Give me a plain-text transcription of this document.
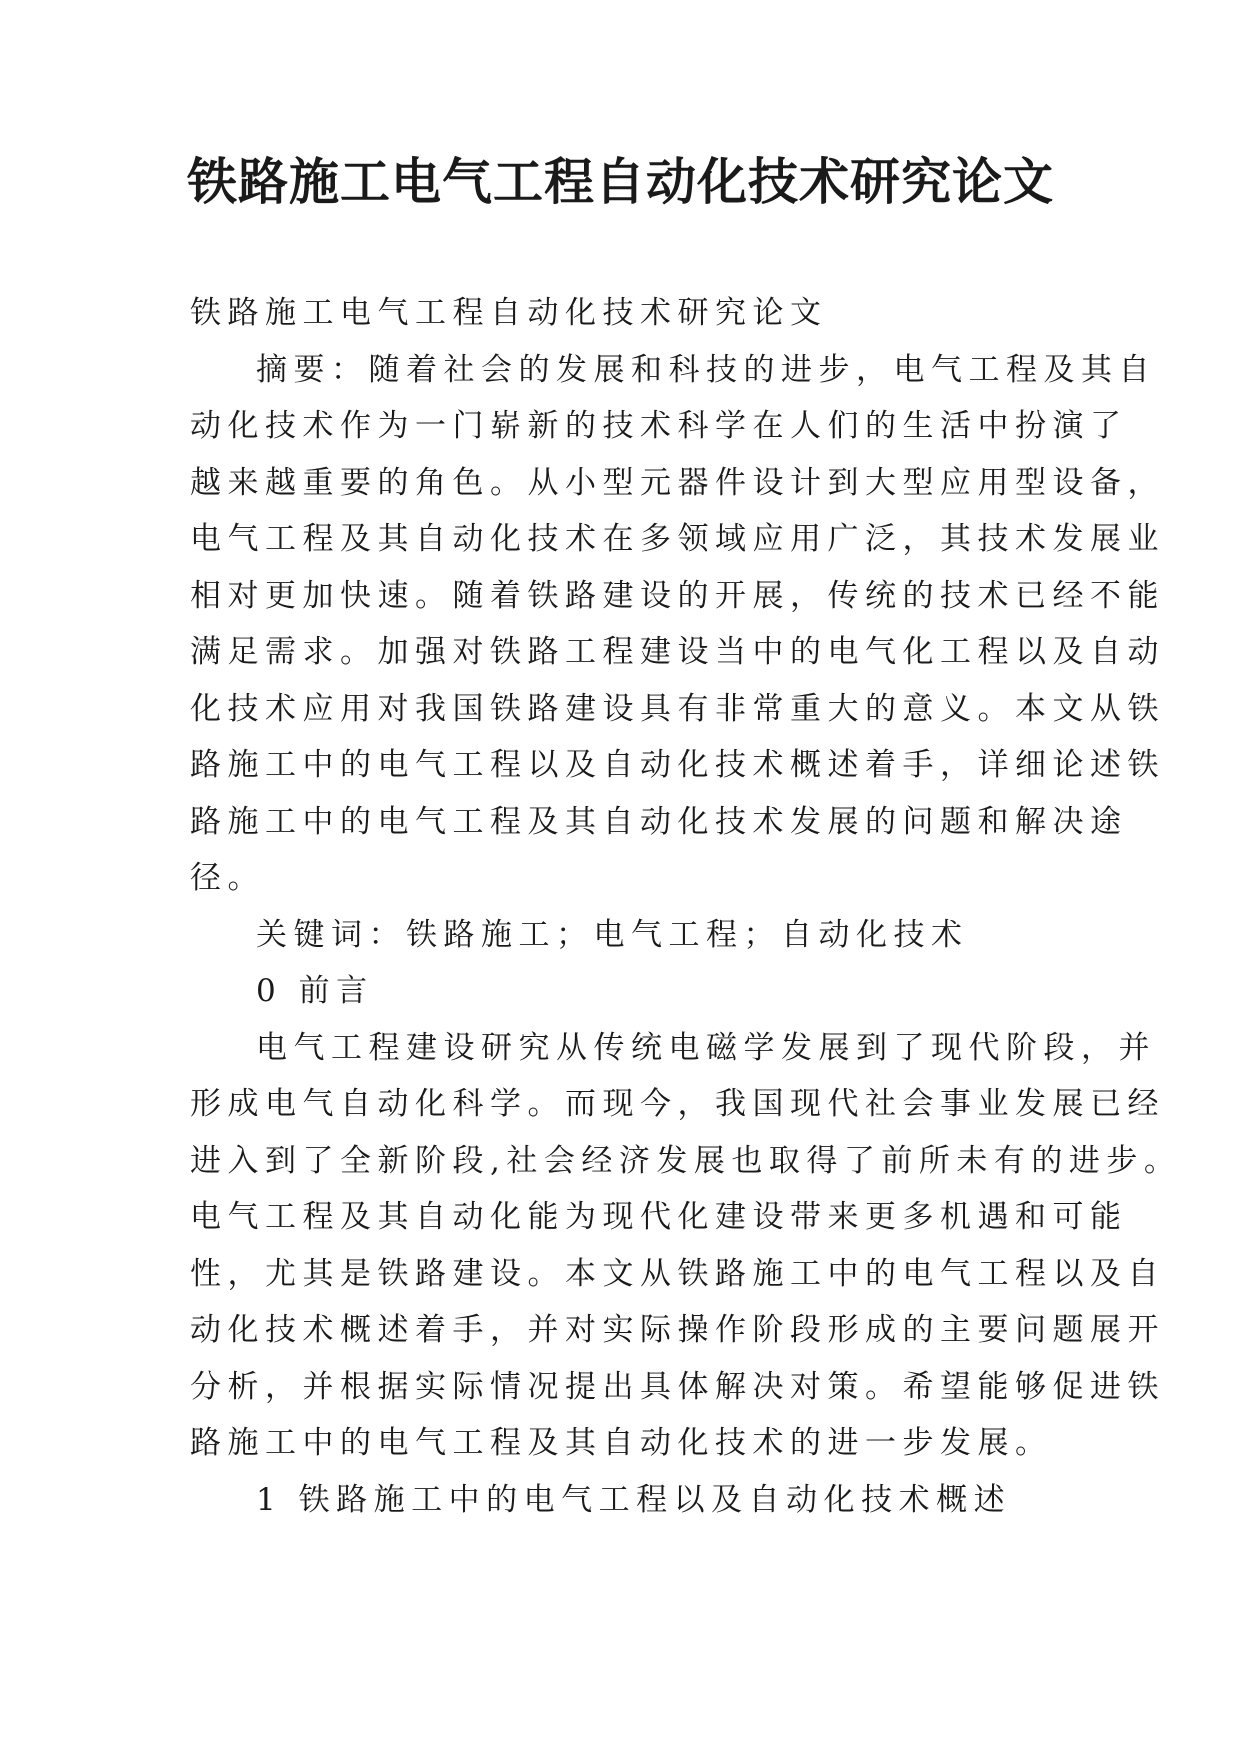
铁路施工电气工程自动化技术研究论文

铁路施工电气工程自动化技术研究论文

摘要：随着社会的发展和科技的进步，电气工程及其自

动化技术作为一门崭新的技术科学在人们的生活中扮演了

越来越重要的角色。从小型元器件设计到大型应用型设备，

电气工程及其自动化技术在多领域应用广泛，其技术发展业

相对更加快速。随着铁路建设的开展，传统的技术已经不能

满足需求。加强对铁路工程建设当中的电气化工程以及自动

化技术应用对我国铁路建设具有非常重大的意义。本文从铁

路施工中的电气工程以及自动化技术概述着手，详细论述铁

路施工中的电气工程及其自动化技术发展的问题和解决途

径。

关键词：铁路施工；电气工程；自动化技术

0 前言

电气工程建设研究从传统电磁学发展到了现代阶段，并

形成电气自动化科学。而现今，我国现代社会事业发展已经

进入到了全新阶段,社会经济发展也取得了前所未有的进步。

电气工程及其自动化能为现代化建设带来更多机遇和可能

性，尤其是铁路建设。本文从铁路施工中的电气工程以及自

动化技术概述着手，并对实际操作阶段形成的主要问题展开

分析，并根据实际情况提出具体解决对策。希望能够促进铁

路施工中的电气工程及其自动化技术的进一步发展。

1 铁路施工中的电气工程以及自动化技术概述
